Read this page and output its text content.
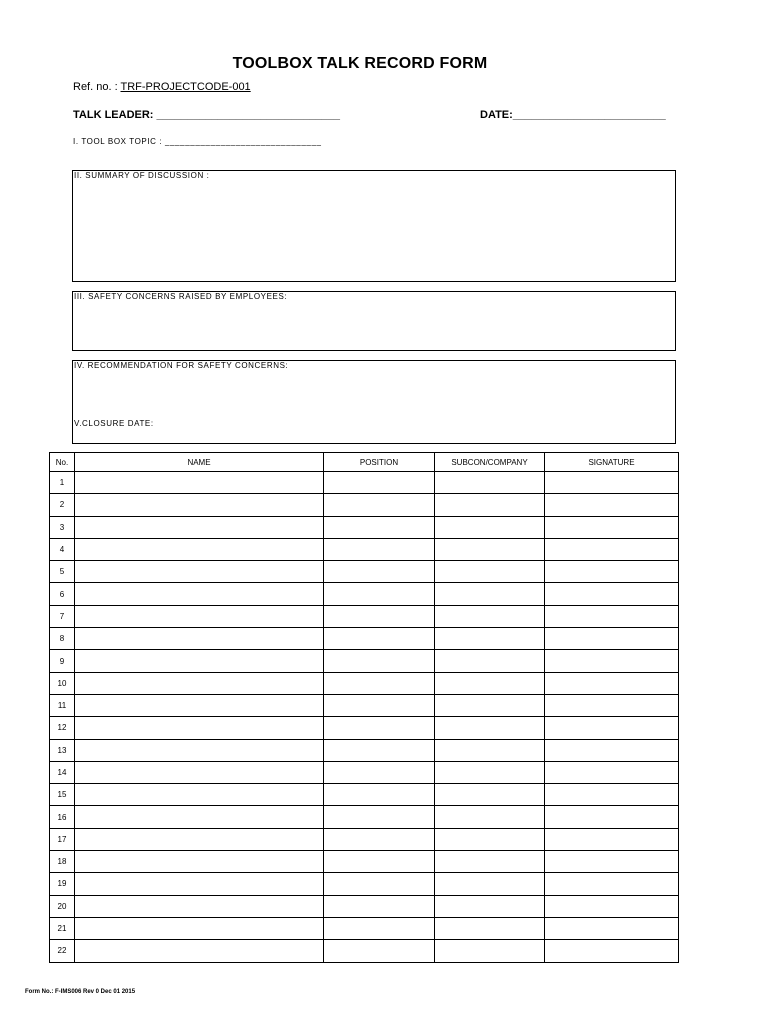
TOOLBOX TALK RECORD FORM
Ref. no. : TRF-PROJECTCODE-001
TALK LEADER: ______________________________	DATE:_________________________
I. TOOL BOX TOPIC : _______________________________
II. SUMMARY OF DISCUSSION :
III. SAFETY CONCERNS RAISED BY EMPLOYEES:
IV. RECOMMENDATION FOR SAFETY CONCERNS:
V.CLOSURE DATE:
No.	NAME	POSITION	SUBCON/COMPANY	SIGNATURE
1				
2				
3				
4				
5				
6				
7				
8				
9				
10				
11				
12				
13				
14				
15				
16				
17				
18				
19				
20				
21				
22				
Form No.: F-IMS006 Rev 0 Dec 01 2015
